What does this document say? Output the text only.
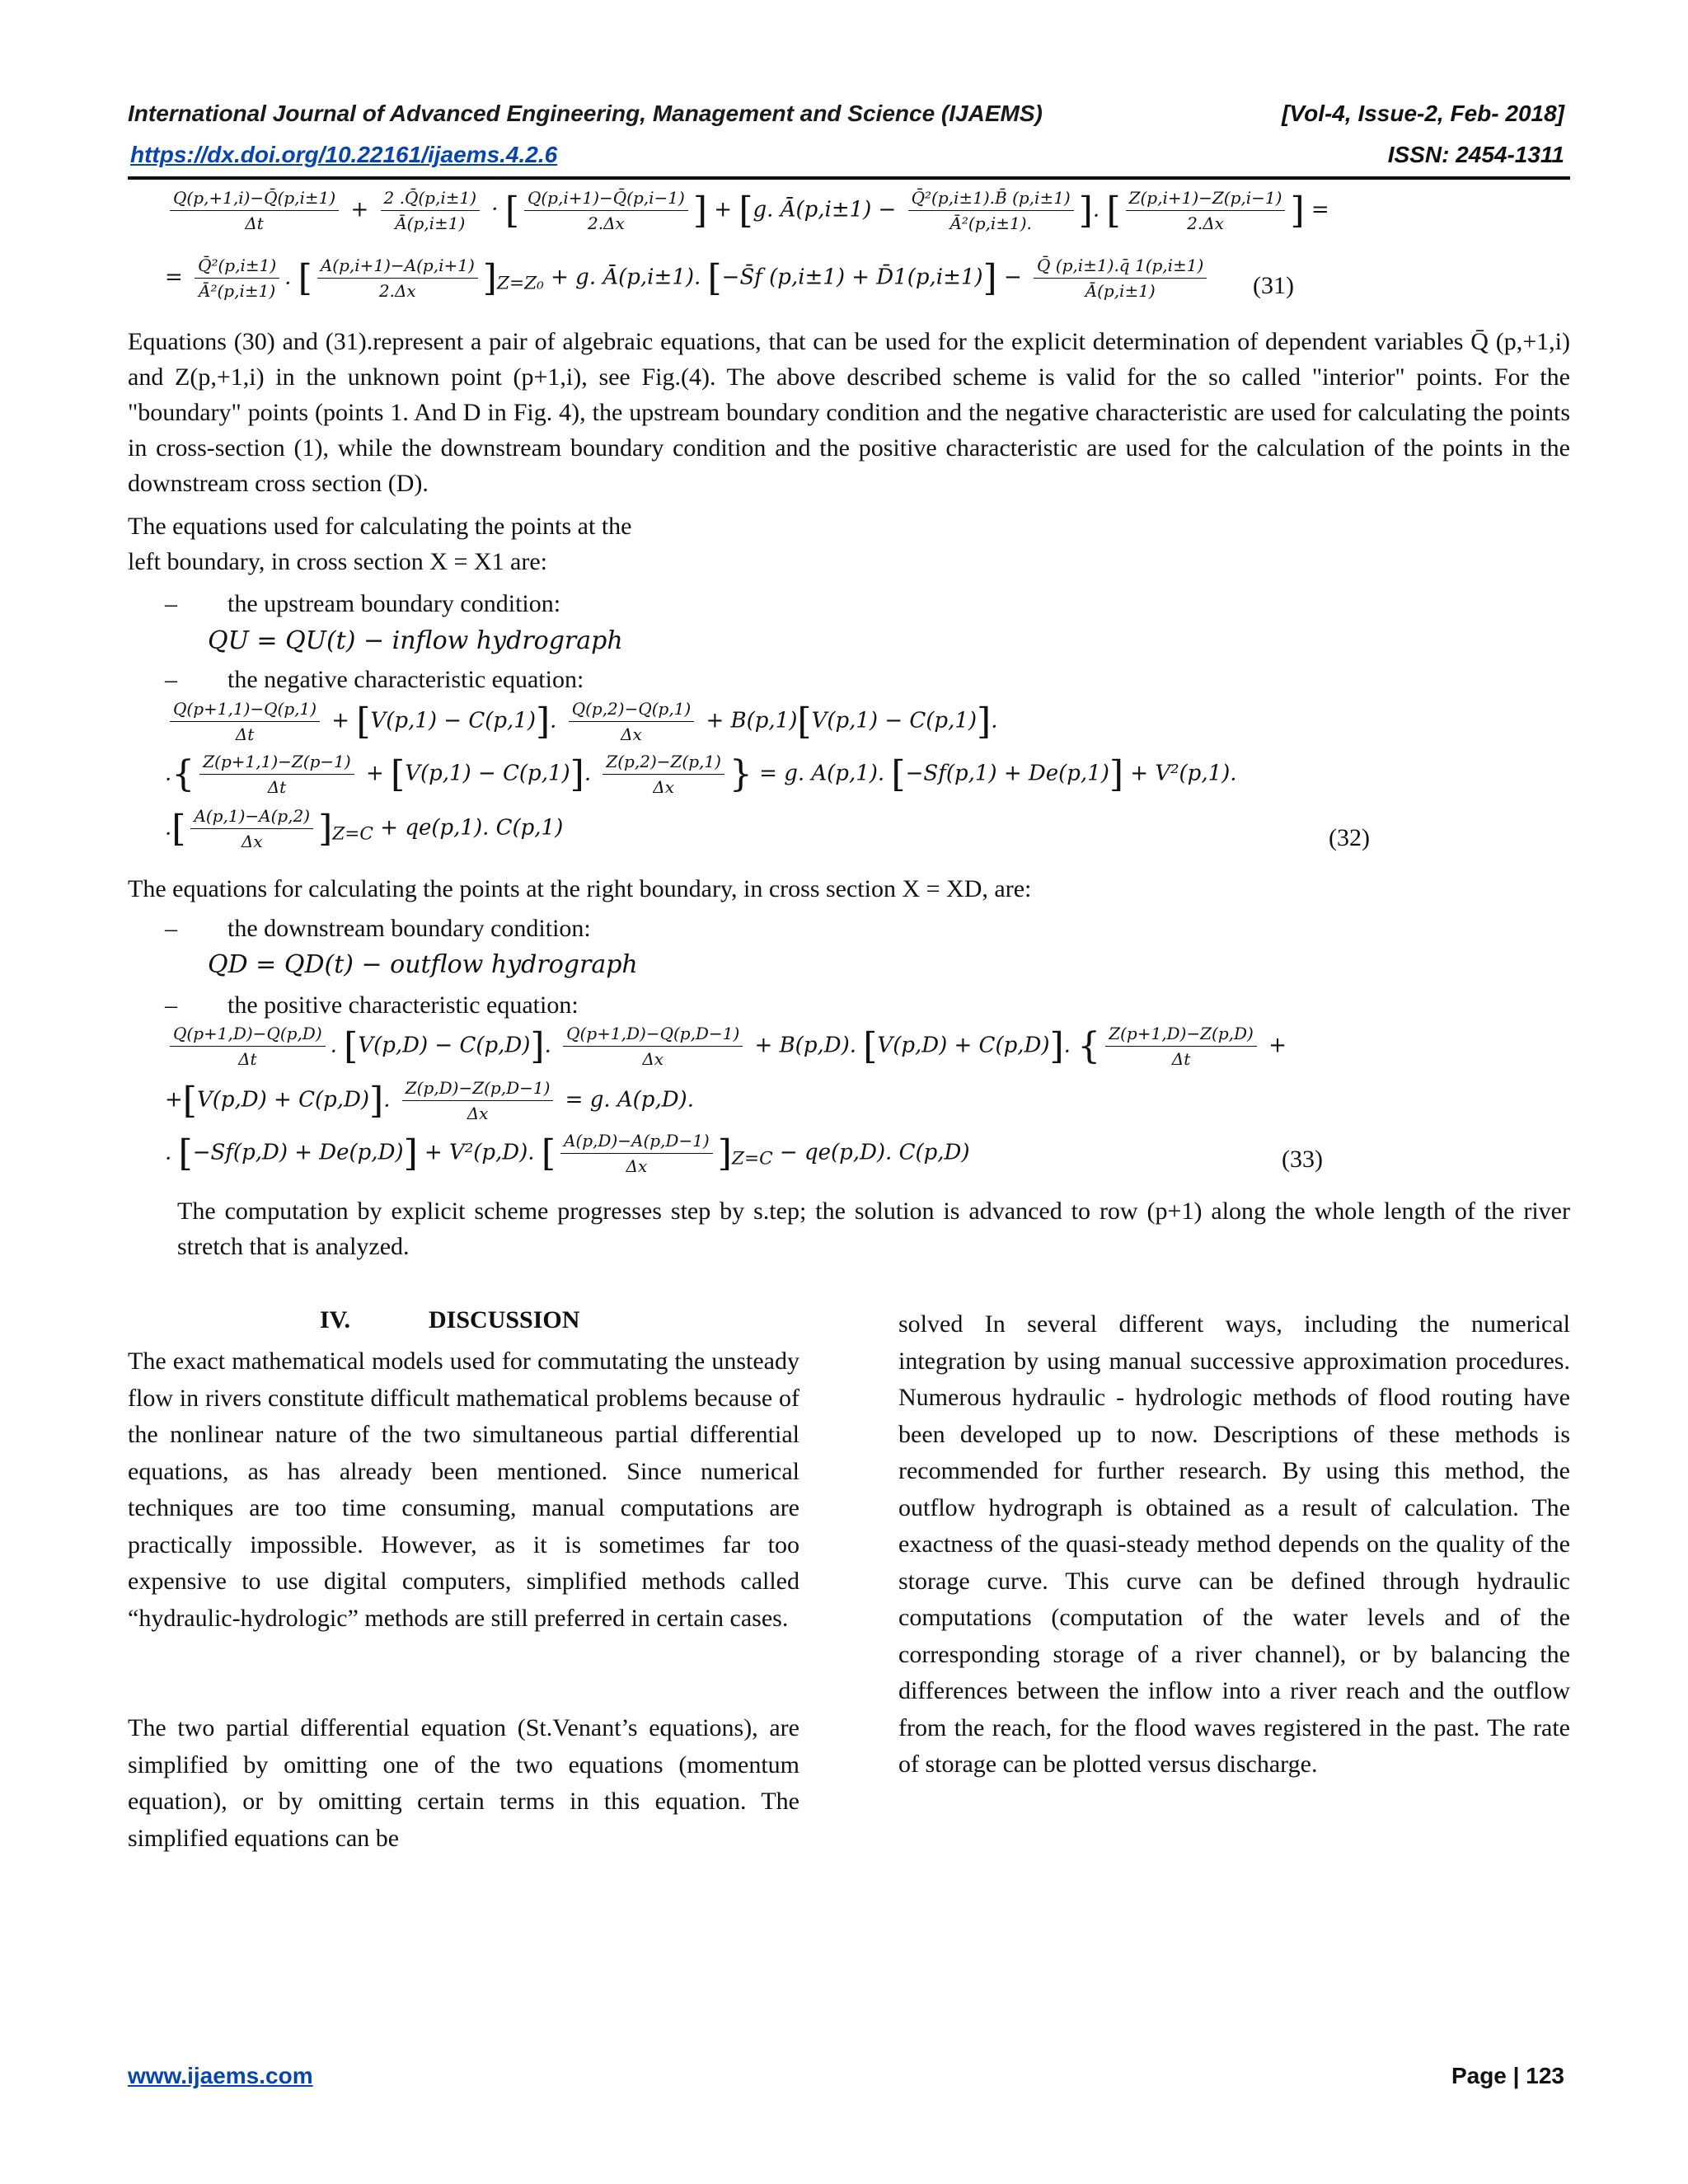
International Journal of Advanced Engineering, Management and Science (IJAEMS)	[Vol-4, Issue-2, Feb- 2018]
https://dx.doi.org/10.22161/ijaems.4.2.6	ISSN: 2454-1311
$\frac{Q(p,+1,i)-Q̄(p,i\pm 1)}{\Delta t} + \frac{2 .Q̄(p,i\pm 1)}{Ā(p,i\pm 1)}$ · [ $\frac{Q(p,i+1)-Q̄(p,i-1)}{2.\Delta x}$ ] + [g. Ā(p,i±1) − $\frac{\text{Q̄²(p,i±1).B̄ (p,i±1)}}{\text{Ā²(p,i±1).}}$ ]. [ $\frac{Z(p,i+1)-Z(p,i-1)}{2.\Delta x}$ ] =
= $\frac{\text{Q̄²(p,i±1)}}{\text{Ā²(p,i±1)}}$ . [ $\frac{A(p,i+1)-A(p,i+1)}{2.\Delta x} ]_{Z=Z_0} + g$. Ā(p,i±1). [−S̄f (p,i±1) + D̄1(p,i±1)] − $\frac{Q̄ (p,i\pm 1).q̄ 1(p,i\pm 1)}{Ā(p,i\pm 1)} (31)$
Equations (30) and (31).represent a pair of algebraic equations, that can be used for the explicit determination of dependent variables Q̄ (p,+1,i) and Z(p,+1,i) in the unknown point (p+1,i), see Fig.(4). The above described scheme is valid for the so called "interior" points. For the "boundary" points (points 1. And D in Fig. 4), the upstream boundary condition and the negative characteristic are used for calculating the points in cross-section (1), while the downstream boundary condition and the positive characteristic are used for the calculation of the points in the downstream cross section (D).
The equations used for calculating the points at the
left boundary, in cross section X = X1 are:
– the upstream boundary condition:
QU = QU(t) − inflow hydrograph
– the negative characteristic equation:
$\frac{Q(p+1,1)-Q(p,1)}{\Delta t} + [V(p,1) - C(p,1)]$. $\frac{Q(p,2)-Q(p,1)}{\Delta x} + B(p,1)[V(p,1) - C(p,1)]$.
.{ $\frac{Z(p+1,1)-Z(p-1)}{\Delta t} + [V(p,1) - C(p,1)]$. $\frac{Z(p,2)-Z(p,1)}{\Delta x}$ } = g. A(p,1). [−Sf(p,1) + De(p,1)] + V²(p,1).
.[ $\frac{A(p,1)-A(p,2)}{\Delta x} ]_{Z=C} + qe(p,1)$. C(p,1)	(32)
The equations for calculating the points at the right boundary, in cross section X = XD, are:
– the downstream boundary condition:
QD = QD(t) − outflow hydrograph
– the positive characteristic equation:
$\frac{Q(p+1,D)-Q(p,D)}{\Delta t}$ . [V(p,D) − C(p,D)]. $\frac{Q(p+1,D)-Q(p,D-1)}{\Delta x} + B(p,D)$. [V(p,D) + C(p,D)]. { $\frac{Z(p+1,D)-Z(p,D)}{\Delta t}$ +
+[V(p,D) + C(p,D)]. $\frac{Z(p,D)-Z(p,D-1)}{\Delta x} = g$. A(p,D).
. [−Sf(p,D) + De(p,D)] + V²(p,D). [ $\frac{A(p,D)-A(p,D-1)}{\Delta x} ]_{Z=C} - qe(p,D)$. C(p,D)	(33)
The computation by explicit scheme progresses step by s.tep; the solution is advanced to row (p+1) along the whole length of the river stretch that is analyzed.
IV.	DISCUSSION
The exact mathematical models used for commutating the unsteady flow in rivers constitute difficult mathematical problems because of the nonlinear nature of the two simultaneous partial differential equations, as has already been mentioned. Since numerical techniques are too time consuming, manual computations are practically impossible. However, as it is sometimes far too expensive to use digital computers, simplified methods called “hydraulic-hydrologic” methods are still preferred in certain cases.
The two partial differential equation (St.Venant’s equations), are simplified by omitting one of the two equations (momentum equation), or by omitting certain terms in this equation. The simplified equations can be
solved In several different ways, including the numerical integration by using manual successive approximation procedures. Numerous hydraulic - hydrologic methods of flood routing have been developed up to now. Descriptions of these methods is recommended for further research. By using this method, the outflow hydrograph is obtained as a result of calculation. The exactness of the quasi-steady method depends on the quality of the storage curve. This curve can be defined through hydraulic computations (computation of the water levels and of the corresponding storage of a river channel), or by balancing the differences between the inflow into a river reach and the outflow from the reach, for the flood waves registered in the past. The rate of storage can be plotted versus discharge.
www.ijaems.com	Page | 123
